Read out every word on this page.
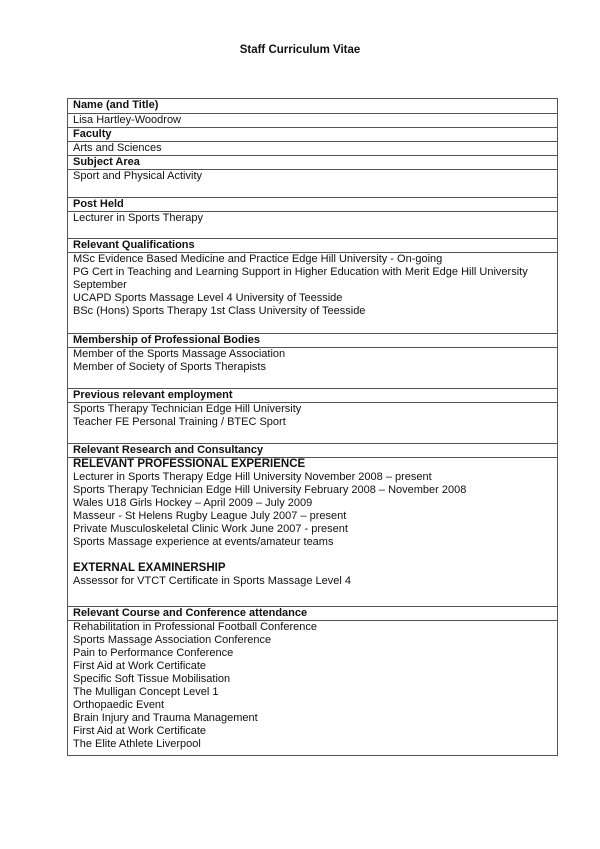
Staff Curriculum Vitae
Name (and Title)
Lisa Hartley-Woodrow
Faculty
Arts and Sciences
Subject Area
Sport and Physical Activity
Post Held
Lecturer in Sports Therapy
Relevant Qualifications
MSc Evidence Based Medicine and Practice Edge Hill University - On-going
PG Cert in Teaching and Learning Support in Higher Education with Merit Edge Hill University
September
UCAPD Sports Massage Level 4 University of Teesside
BSc (Hons) Sports Therapy 1st Class University of Teesside
Membership of Professional Bodies
Member of the Sports Massage Association
Member of Society of Sports Therapists
Previous relevant employment
Sports Therapy Technician Edge Hill University
Teacher FE Personal Training / BTEC Sport
Relevant Research and Consultancy
RELEVANT PROFESSIONAL EXPERIENCE
Lecturer in Sports Therapy Edge Hill University November 2008 – present
Sports Therapy Technician Edge Hill University February 2008 – November 2008
Wales U18 Girls Hockey – April 2009 – July 2009
Masseur - St Helens Rugby League July 2007 – present
Private Musculoskeletal Clinic Work June 2007 - present
Sports Massage experience at events/amateur teams
EXTERNAL EXAMINERSHIP
Assessor for VTCT Certificate in Sports Massage Level 4
Relevant Course and Conference attendance
Rehabilitation in Professional Football Conference
Sports Massage Association Conference
Pain to Performance Conference
First Aid at Work Certificate
Specific Soft Tissue Mobilisation
The Mulligan Concept Level 1
Orthopaedic Event
Brain Injury and Trauma Management
First Aid at Work Certificate
The Elite Athlete Liverpool
